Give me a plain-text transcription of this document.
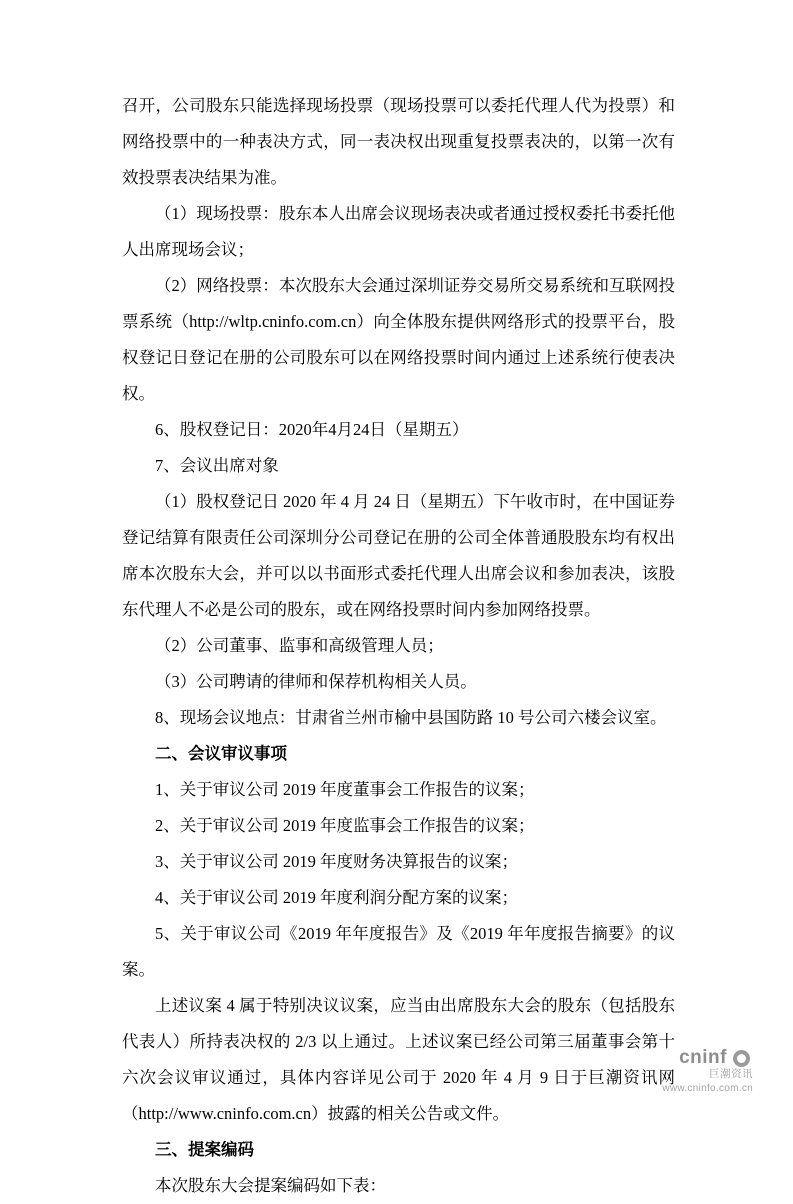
召开，公司股东只能选择现场投票（现场投票可以委托代理人代为投票）和网络投票中的一种表决方式，同一表决权出现重复投票表决的，以第一次有效投票表决结果为准。

（1）现场投票：股东本人出席会议现场表决或者通过授权委托书委托他人出席现场会议；

（2）网络投票：本次股东大会通过深圳证券交易所交易系统和互联网投票系统（http://wltp.cninfo.com.cn）向全体股东提供网络形式的投票平台，股权登记日登记在册的公司股东可以在网络投票时间内通过上述系统行使表决权。

6、股权登记日：2020年4月24日（星期五）

7、会议出席对象

（1）股权登记日 2020 年 4 月 24 日（星期五）下午收市时，在中国证券登记结算有限责任公司深圳分公司登记在册的公司全体普通股股东均有权出席本次股东大会，并可以以书面形式委托代理人出席会议和参加表决，该股东代理人不必是公司的股东，或在网络投票时间内参加网络投票。

（2）公司董事、监事和高级管理人员；

（3）公司聘请的律师和保荐机构相关人员。

8、现场会议地点：甘肃省兰州市榆中县国防路 10 号公司六楼会议室。

二、会议审议事项

1、关于审议公司 2019 年度董事会工作报告的议案；

2、关于审议公司 2019 年度监事会工作报告的议案；

3、关于审议公司 2019 年度财务决算报告的议案；

4、关于审议公司 2019 年度利润分配方案的议案；

5、关于审议公司《2019 年年度报告》及《2019 年年度报告摘要》的议案。

上述议案 4 属于特别决议议案，应当由出席股东大会的股东（包括股东代表人）所持表决权的 2/3 以上通过。上述议案已经公司第三届董事会第十六次会议审议通过，具体内容详见公司于 2020 年 4 月 9 日于巨潮资讯网（http://www.cninfo.com.cn）披露的相关公告或文件。

三、提案编码

本次股东大会提案编码如下表：

cninf
巨潮资讯
www.cninfo.com.cn
